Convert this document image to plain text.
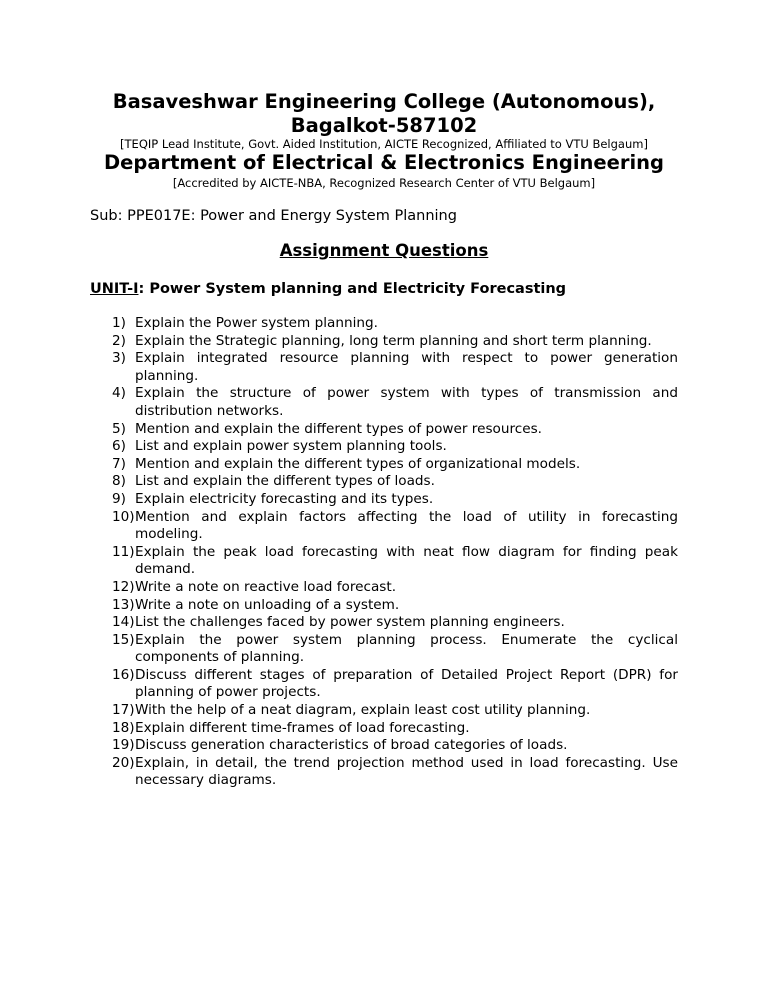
Basaveshwar Engineering College (Autonomous),
Bagalkot-587102
[TEQIP Lead Institute, Govt. Aided Institution, AICTE Recognized, Affiliated to VTU Belgaum]
Department of Electrical & Electronics Engineering
[Accredited by AICTE-NBA, Recognized Research Center of VTU Belgaum]
Sub: PPE017E: Power and Energy System Planning
Assignment Questions
UNIT-I: Power System planning and Electricity Forecasting
1) Explain the Power system planning.
2) Explain the Strategic planning, long term planning and short term planning.
3) Explain integrated resource planning with respect to power generation planning.
4) Explain the structure of power system with types of transmission and distribution networks.
5) Mention and explain the different types of power resources.
6) List and explain power system planning tools.
7) Mention and explain the different types of organizational models.
8) List and explain the different types of loads.
9) Explain electricity forecasting and its types.
10) Mention and explain factors affecting the load of utility in forecasting modeling.
11) Explain the peak load forecasting with neat flow diagram for finding peak demand.
12) Write a note on reactive load forecast.
13) Write a note on unloading of a system.
14) List the challenges faced by power system planning engineers.
15) Explain the power system planning process. Enumerate the cyclical components of planning.
16) Discuss different stages of preparation of Detailed Project Report (DPR) for planning of power projects.
17) With the help of a neat diagram, explain least cost utility planning.
18) Explain different time-frames of load forecasting.
19) Discuss generation characteristics of broad categories of loads.
20) Explain, in detail, the trend projection method used in load forecasting. Use necessary diagrams.
